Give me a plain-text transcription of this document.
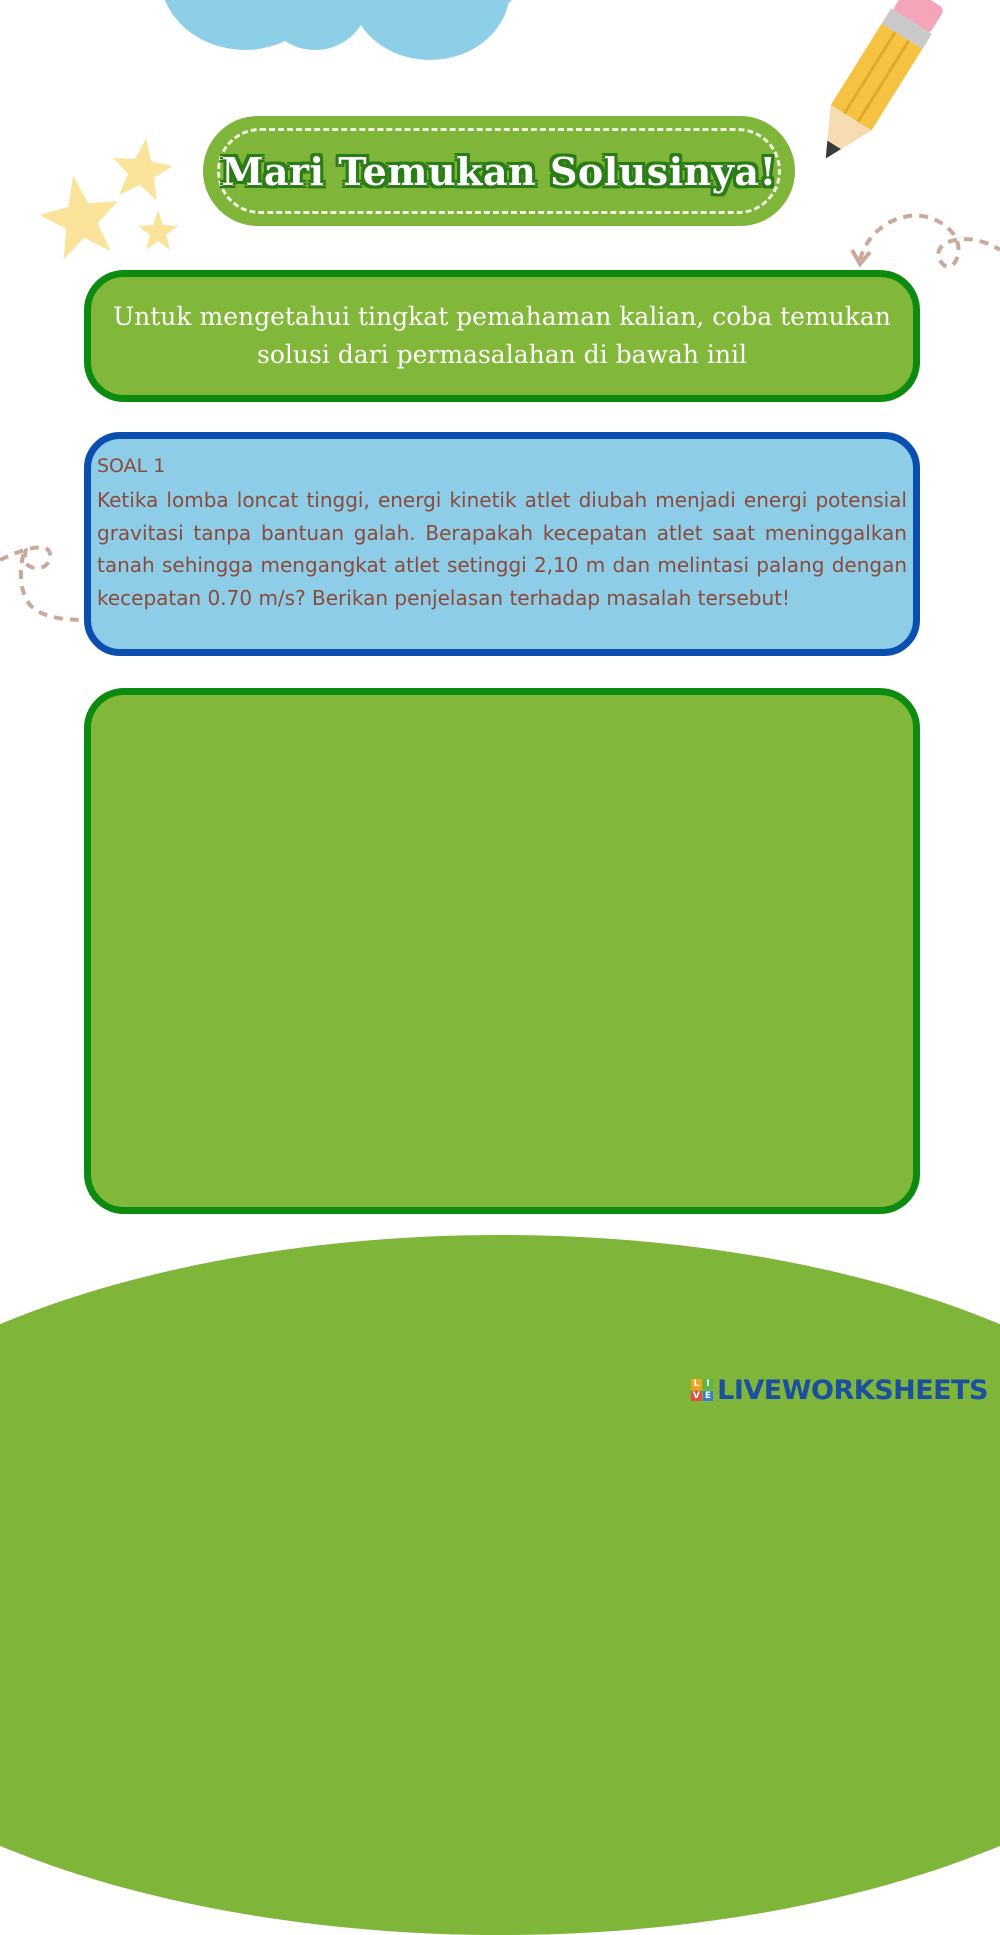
Mari Temukan Solusinya!
Untuk mengetahui tingkat pemahaman kalian, coba temukan solusi dari permasalahan di bawah inil
SOAL 1
Ketika lomba loncat tinggi, energi kinetik atlet diubah menjadi energi potensial gravitasi tanpa bantuan galah. Berapakah kecepatan atlet saat meninggalkan tanah sehingga mengangkat atlet setinggi 2,10 m dan melintasi palang dengan kecepatan 0.70 m/s? Berikan penjelasan terhadap masalah tersebut!
L I
V E LIVEWORKSHEETS
